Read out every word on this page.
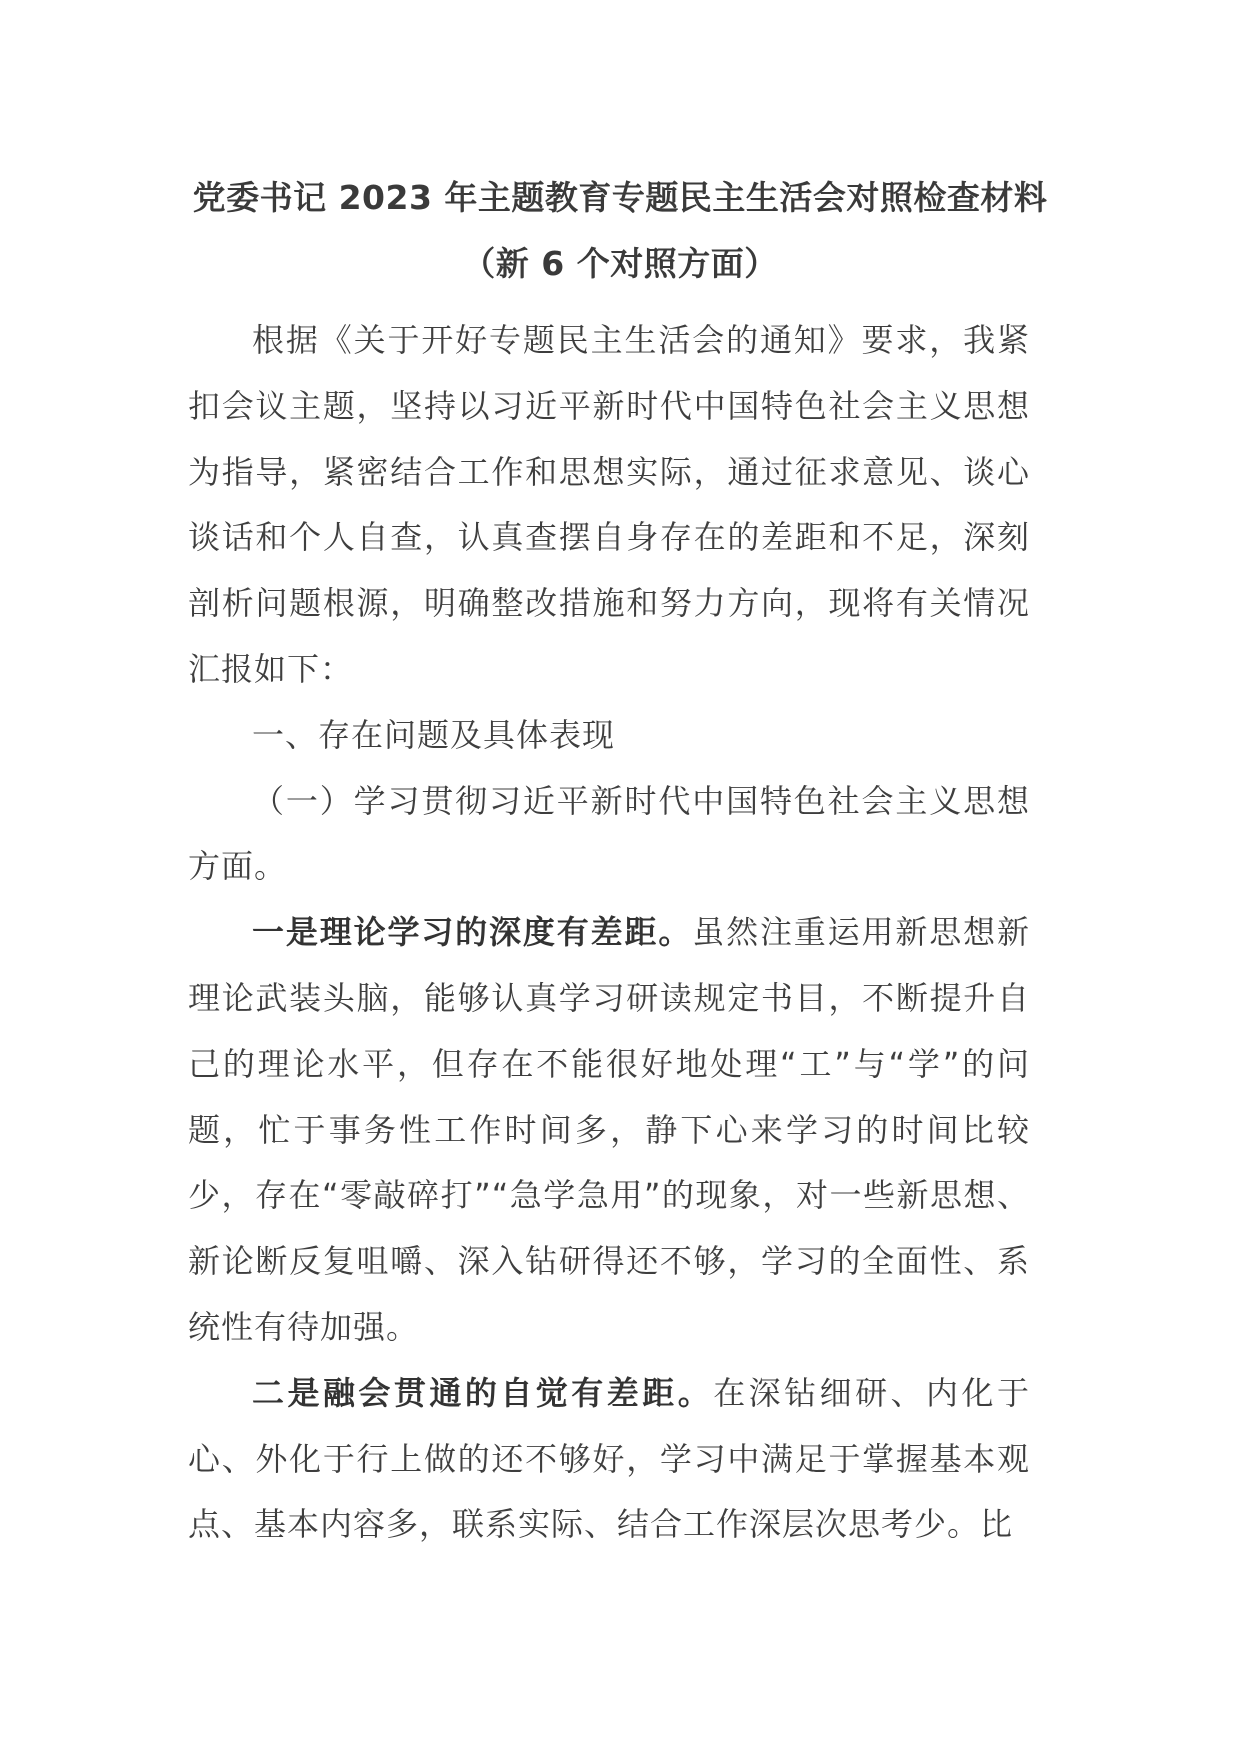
党委书记 2023 年主题教育专题民主生活会对照检查材料
（新 6 个对照方面）

根据《关于开好专题民主生活会的通知》要求，我紧扣会议主题，坚持以习近平新时代中国特色社会主义思想为指导，紧密结合工作和思想实际，通过征求意见、谈心谈话和个人自查，认真查摆自身存在的差距和不足，深刻剖析问题根源，明确整改措施和努力方向，现将有关情况汇报如下：

一、存在问题及具体表现

（一）学习贯彻习近平新时代中国特色社会主义思想方面。

一是理论学习的深度有差距。虽然注重运用新思想新理论武装头脑，能够认真学习研读规定书目，不断提升自己的理论水平，但存在不能很好地处理“工”与“学”的问题，忙于事务性工作时间多，静下心来学习的时间比较少，存在“零敲碎打”“急学急用”的现象，对一些新思想、新论断反复咀嚼、深入钻研得还不够，学习的全面性、系统性有待加强。

二是融会贯通的自觉有差距。在深钻细研、内化于心、外化于行上做的还不够好，学习中满足于掌握基本观点、基本内容多，联系实际、结合工作深层次思考少。比
